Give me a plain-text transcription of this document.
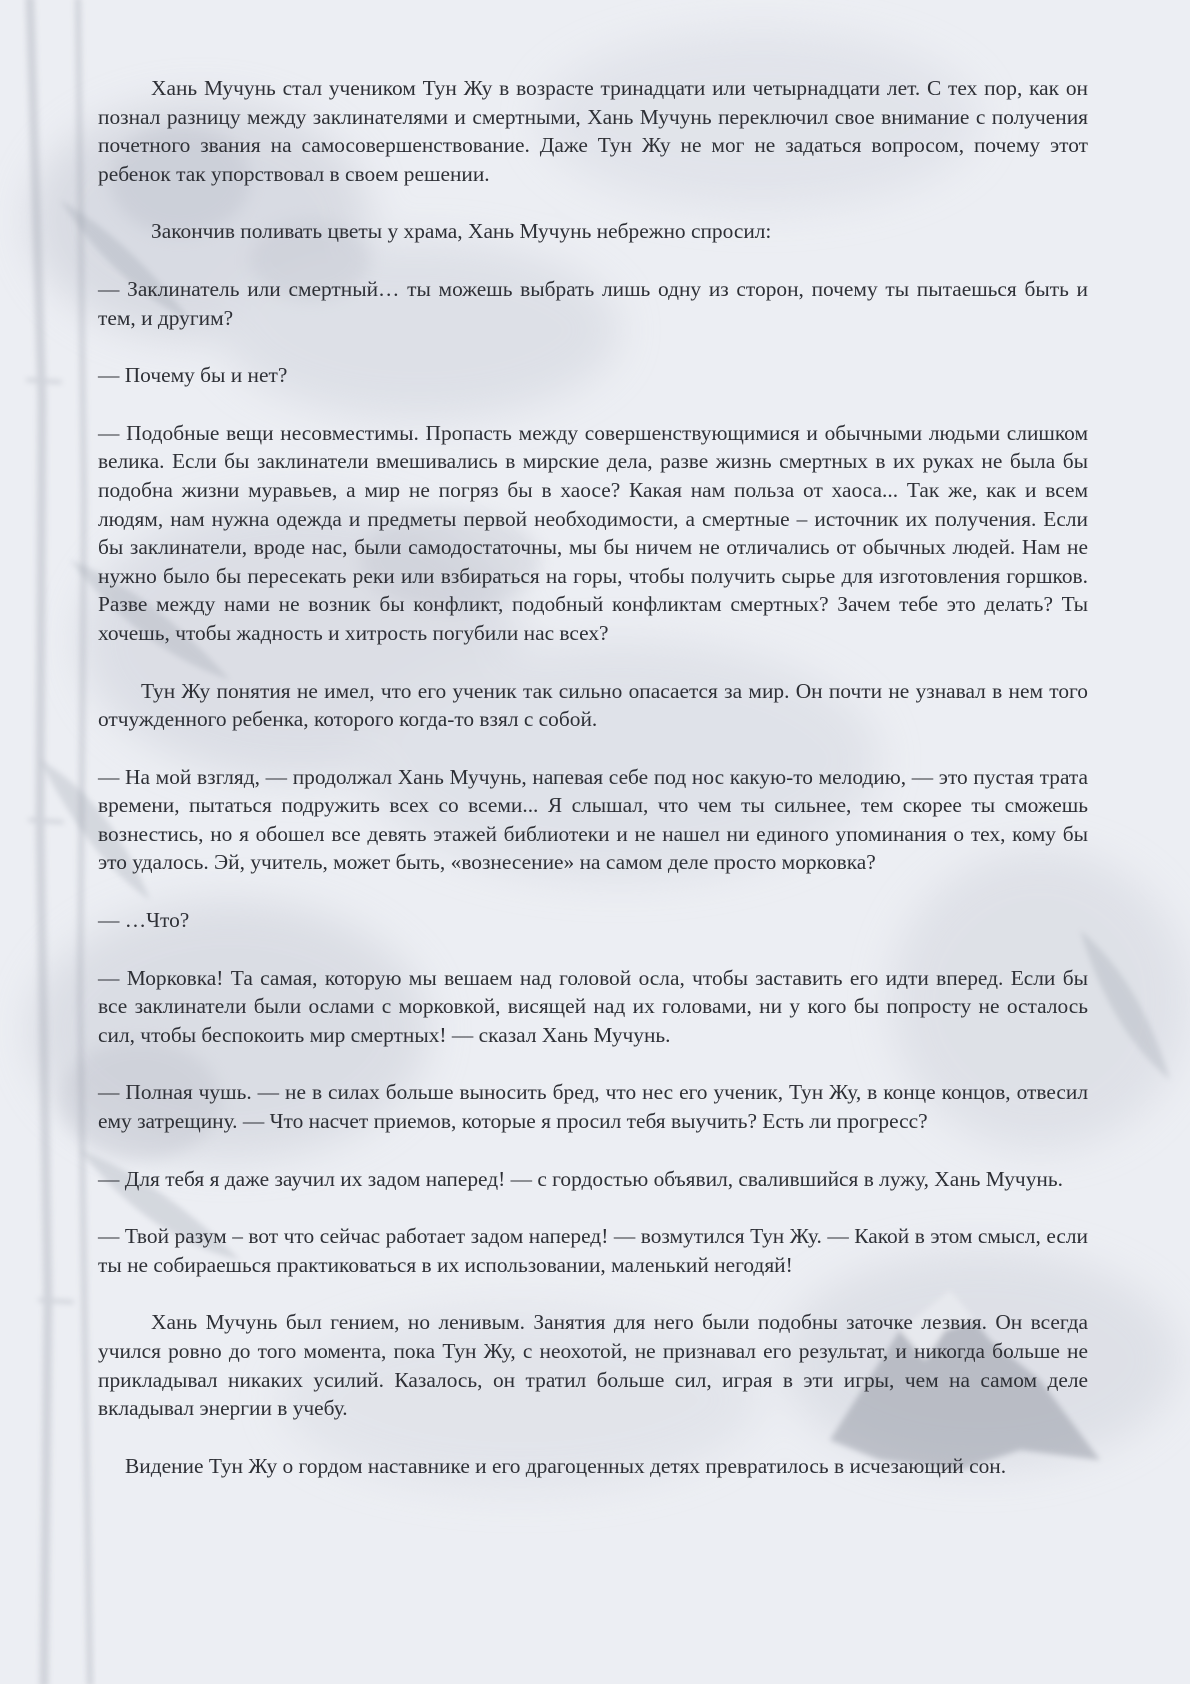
Хань Мучунь стал учеником Тун Жу в возрасте тринадцати или четырнадцати лет. С тех пор, как он познал разницу между заклинателями и смертными, Хань Мучунь переключил свое внимание с получения почетного звания на самосовершенствование. Даже Тун Жу не мог не задаться вопросом, почему этот ребенок так упорствовал в своем решении.

Закончив поливать цветы у храма, Хань Мучунь небрежно спросил:

— Заклинатель или смертный… ты можешь выбрать лишь одну из сторон, почему ты пытаешься быть и тем, и другим?

— Почему бы и нет?

— Подобные вещи несовместимы. Пропасть между совершенствующимися и обычными людьми слишком велика. Если бы заклинатели вмешивались в мирские дела, разве жизнь смертных в их руках не была бы подобна жизни муравьев, а мир не погряз бы в хаосе? Какая нам польза от хаоса... Так же, как и всем людям, нам нужна одежда и предметы первой необходимости, а смертные – источник их получения. Если бы заклинатели, вроде нас, были самодостаточны, мы бы ничем не отличались от обычных людей. Нам не нужно было бы пересекать реки или взбираться на горы, чтобы получить сырье для изготовления горшков. Разве между нами не возник бы конфликт, подобный конфликтам смертных? Зачем тебе это делать? Ты хочешь, чтобы жадность и хитрость погубили нас всех?

Тун Жу понятия не имел, что его ученик так сильно опасается за мир. Он почти не узнавал в нем того отчужденного ребенка, которого когда-то взял с собой.

— На мой взгляд, — продолжал Хань Мучунь, напевая себе под нос какую-то мелодию, — это пустая трата времени, пытаться подружить всех со всеми... Я слышал, что чем ты сильнее, тем скорее ты сможешь вознестись, но я обошел все девять этажей библиотеки и не нашел ни единого упоминания о тех, кому бы это удалось. Эй, учитель, может быть, «вознесение» на самом деле просто морковка?

— …Что?

— Морковка! Та самая, которую мы вешаем над головой осла, чтобы заставить его идти вперед. Если бы все заклинатели были ослами с морковкой, висящей над их головами, ни у кого бы попросту не осталось сил, чтобы беспокоить мир смертных! — сказал Хань Мучунь.

— Полная чушь. — не в силах больше выносить бред, что нес его ученик, Тун Жу, в конце концов, отвесил ему затрещину. — Что насчет приемов, которые я просил тебя выучить? Есть ли прогресс?

— Для тебя я даже заучил их задом наперед! — с гордостью объявил, свалившийся в лужу, Хань Мучунь.

— Твой разум – вот что сейчас работает задом наперед! — возмутился Тун Жу. — Какой в этом смысл, если ты не собираешься практиковаться в их использовании, маленький негодяй!

Хань Мучунь был гением, но ленивым. Занятия для него были подобны заточке лезвия. Он всегда учился ровно до того момента, пока Тун Жу, с неохотой, не признавал его результат, и никогда больше не прикладывал никаких усилий. Казалось, он тратил больше сил, играя в эти игры, чем на самом деле вкладывал энергии в учебу.

Видение Тун Жу о гордом наставнике и его драгоценных детях превратилось в исчезающий сон.
